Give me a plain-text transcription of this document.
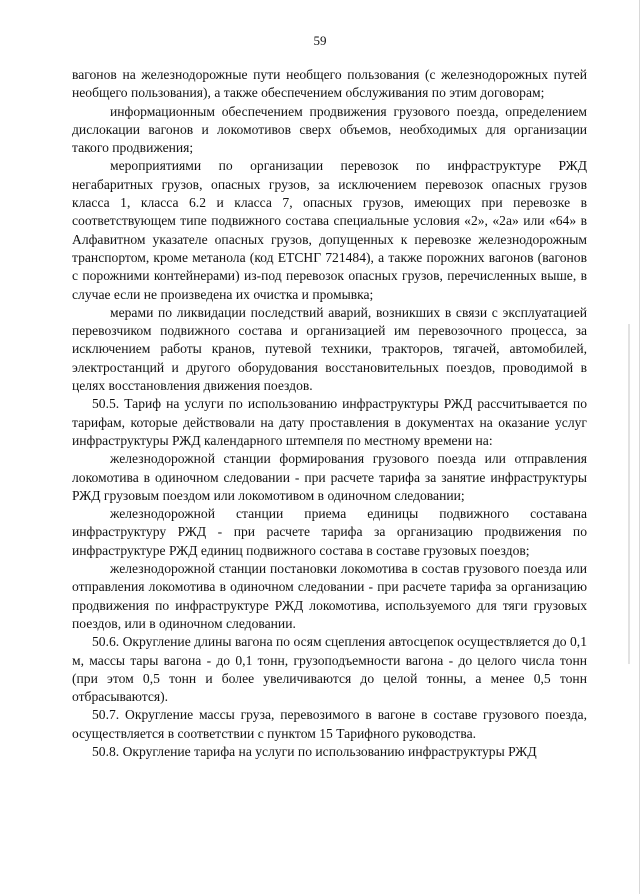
59

вагонов на железнодорожные пути необщего пользования (с железнодорожных путей необщего пользования), а также обеспечением обслуживания по этим договорам;

информационным обеспечением продвижения грузового поезда, определением дислокации вагонов и локомотивов сверх объемов, необходимых для организации такого продвижения;

мероприятиями по организации перевозок по инфраструктуре РЖД негабаритных грузов, опасных грузов, за исключением перевозок опасных грузов класса 1, класса 6.2 и класса 7, опасных грузов, имеющих при перевозке в соответствующем типе подвижного состава специальные условия «2», «2а» или «64» в Алфавитном указателе опасных грузов, допущенных к перевозке железнодорожным транспортом, кроме метанола (код ЕТСНГ 721484), а также порожних вагонов (вагонов с порожними контейнерами) из-под перевозок опасных грузов, перечисленных выше, в случае если не произведена их очистка и промывка;

мерами по ликвидации последствий аварий, возникших в связи с эксплуатацией перевозчиком подвижного состава и организацией им перевозочного процесса, за исключением работы кранов, путевой техники, тракторов, тягачей, автомобилей, электростанций и другого оборудования восстановительных поездов, проводимой в целях восстановления движения поездов.

50.5. Тариф на услуги по использованию инфраструктуры РЖД рассчитывается по тарифам, которые действовали на дату проставления в документах на оказание услуг инфраструктуры РЖД календарного штемпеля по местному времени на:

железнодорожной станции формирования грузового поезда или отправления локомотива в одиночном следовании - при расчете тарифа за занятие инфраструктуры РЖД грузовым поездом или локомотивом в одиночном следовании;

железнодорожной станции приема единицы подвижного составана инфраструктуру РЖД - при расчете тарифа за организацию продвижения по инфраструктуре РЖД единиц подвижного состава в составе грузовых поездов;

железнодорожной станции постановки локомотива в состав грузового поезда или отправления локомотива в одиночном следовании - при расчете тарифа за организацию продвижения по инфраструктуре РЖД локомотива, используемого для тяги грузовых поездов, или в одиночном следовании.

50.6. Округление длины вагона по осям сцепления автосцепок осуществляется до 0,1 м, массы тары вагона - до 0,1 тонн, грузоподъемности вагона - до целого числа тонн (при этом 0,5 тонн и более увеличиваются до целой тонны, а менее 0,5 тонн отбрасываются).

50.7. Округление массы груза, перевозимого в вагоне в составе грузового поезда, осуществляется в соответствии с пунктом 15 Тарифного руководства.

50.8. Округление тарифа на услуги по использованию инфраструктуры РЖД
